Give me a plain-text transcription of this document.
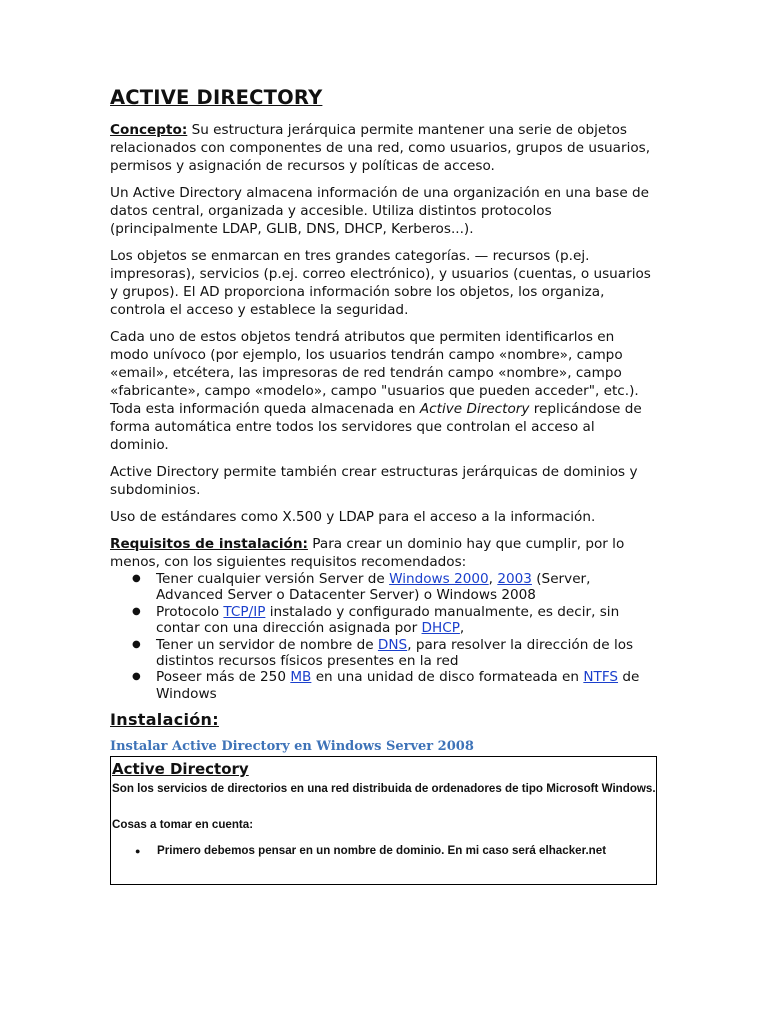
ACTIVE DIRECTORY

Concepto: Su estructura jerárquica permite mantener una serie de objetos relacionados con componentes de una red, como usuarios, grupos de usuarios, permisos y asignación de recursos y políticas de acceso.

Un Active Directory almacena información de una organización en una base de datos central, organizada y accesible. Utiliza distintos protocolos (principalmente LDAP, GLIB, DNS, DHCP, Kerberos...).

Los objetos se enmarcan en tres grandes categorías. — recursos (p.ej. impresoras), servicios (p.ej. correo electrónico), y usuarios (cuentas, o usuarios y grupos). El AD proporciona información sobre los objetos, los organiza, controla el acceso y establece la seguridad.

Cada uno de estos objetos tendrá atributos que permiten identificarlos en modo unívoco (por ejemplo, los usuarios tendrán campo «nombre», campo «email», etcétera, las impresoras de red tendrán campo «nombre», campo «fabricante», campo «modelo», campo "usuarios que pueden acceder", etc.). Toda esta información queda almacenada en Active Directory replicándose de forma automática entre todos los servidores que controlan el acceso al dominio.

Active Directory permite también crear estructuras jerárquicas de dominios y subdominios.

Uso de estándares como X.500 y LDAP para el acceso a la información.

Requisitos de instalación: Para crear un dominio hay que cumplir, por lo menos, con los siguientes requisitos recomendados:

● Tener cualquier versión Server de Windows 2000, 2003 (Server, Advanced Server o Datacenter Server) o Windows 2008
● Protocolo TCP/IP instalado y configurado manualmente, es decir, sin contar con una dirección asignada por DHCP,
● Tener un servidor de nombre de DNS, para resolver la dirección de los distintos recursos físicos presentes en la red
● Poseer más de 250 MB en una unidad de disco formateada en NTFS de Windows
Instalación:
Instalar Active Directory en Windows Server 2008
Active Directory

Son los servicios de directorios en una red distribuida de ordenadores de tipo Microsoft Windows.

Cosas a tomar en cuenta:

● Primero debemos pensar en un nombre de dominio. En mi caso será elhacker.net
